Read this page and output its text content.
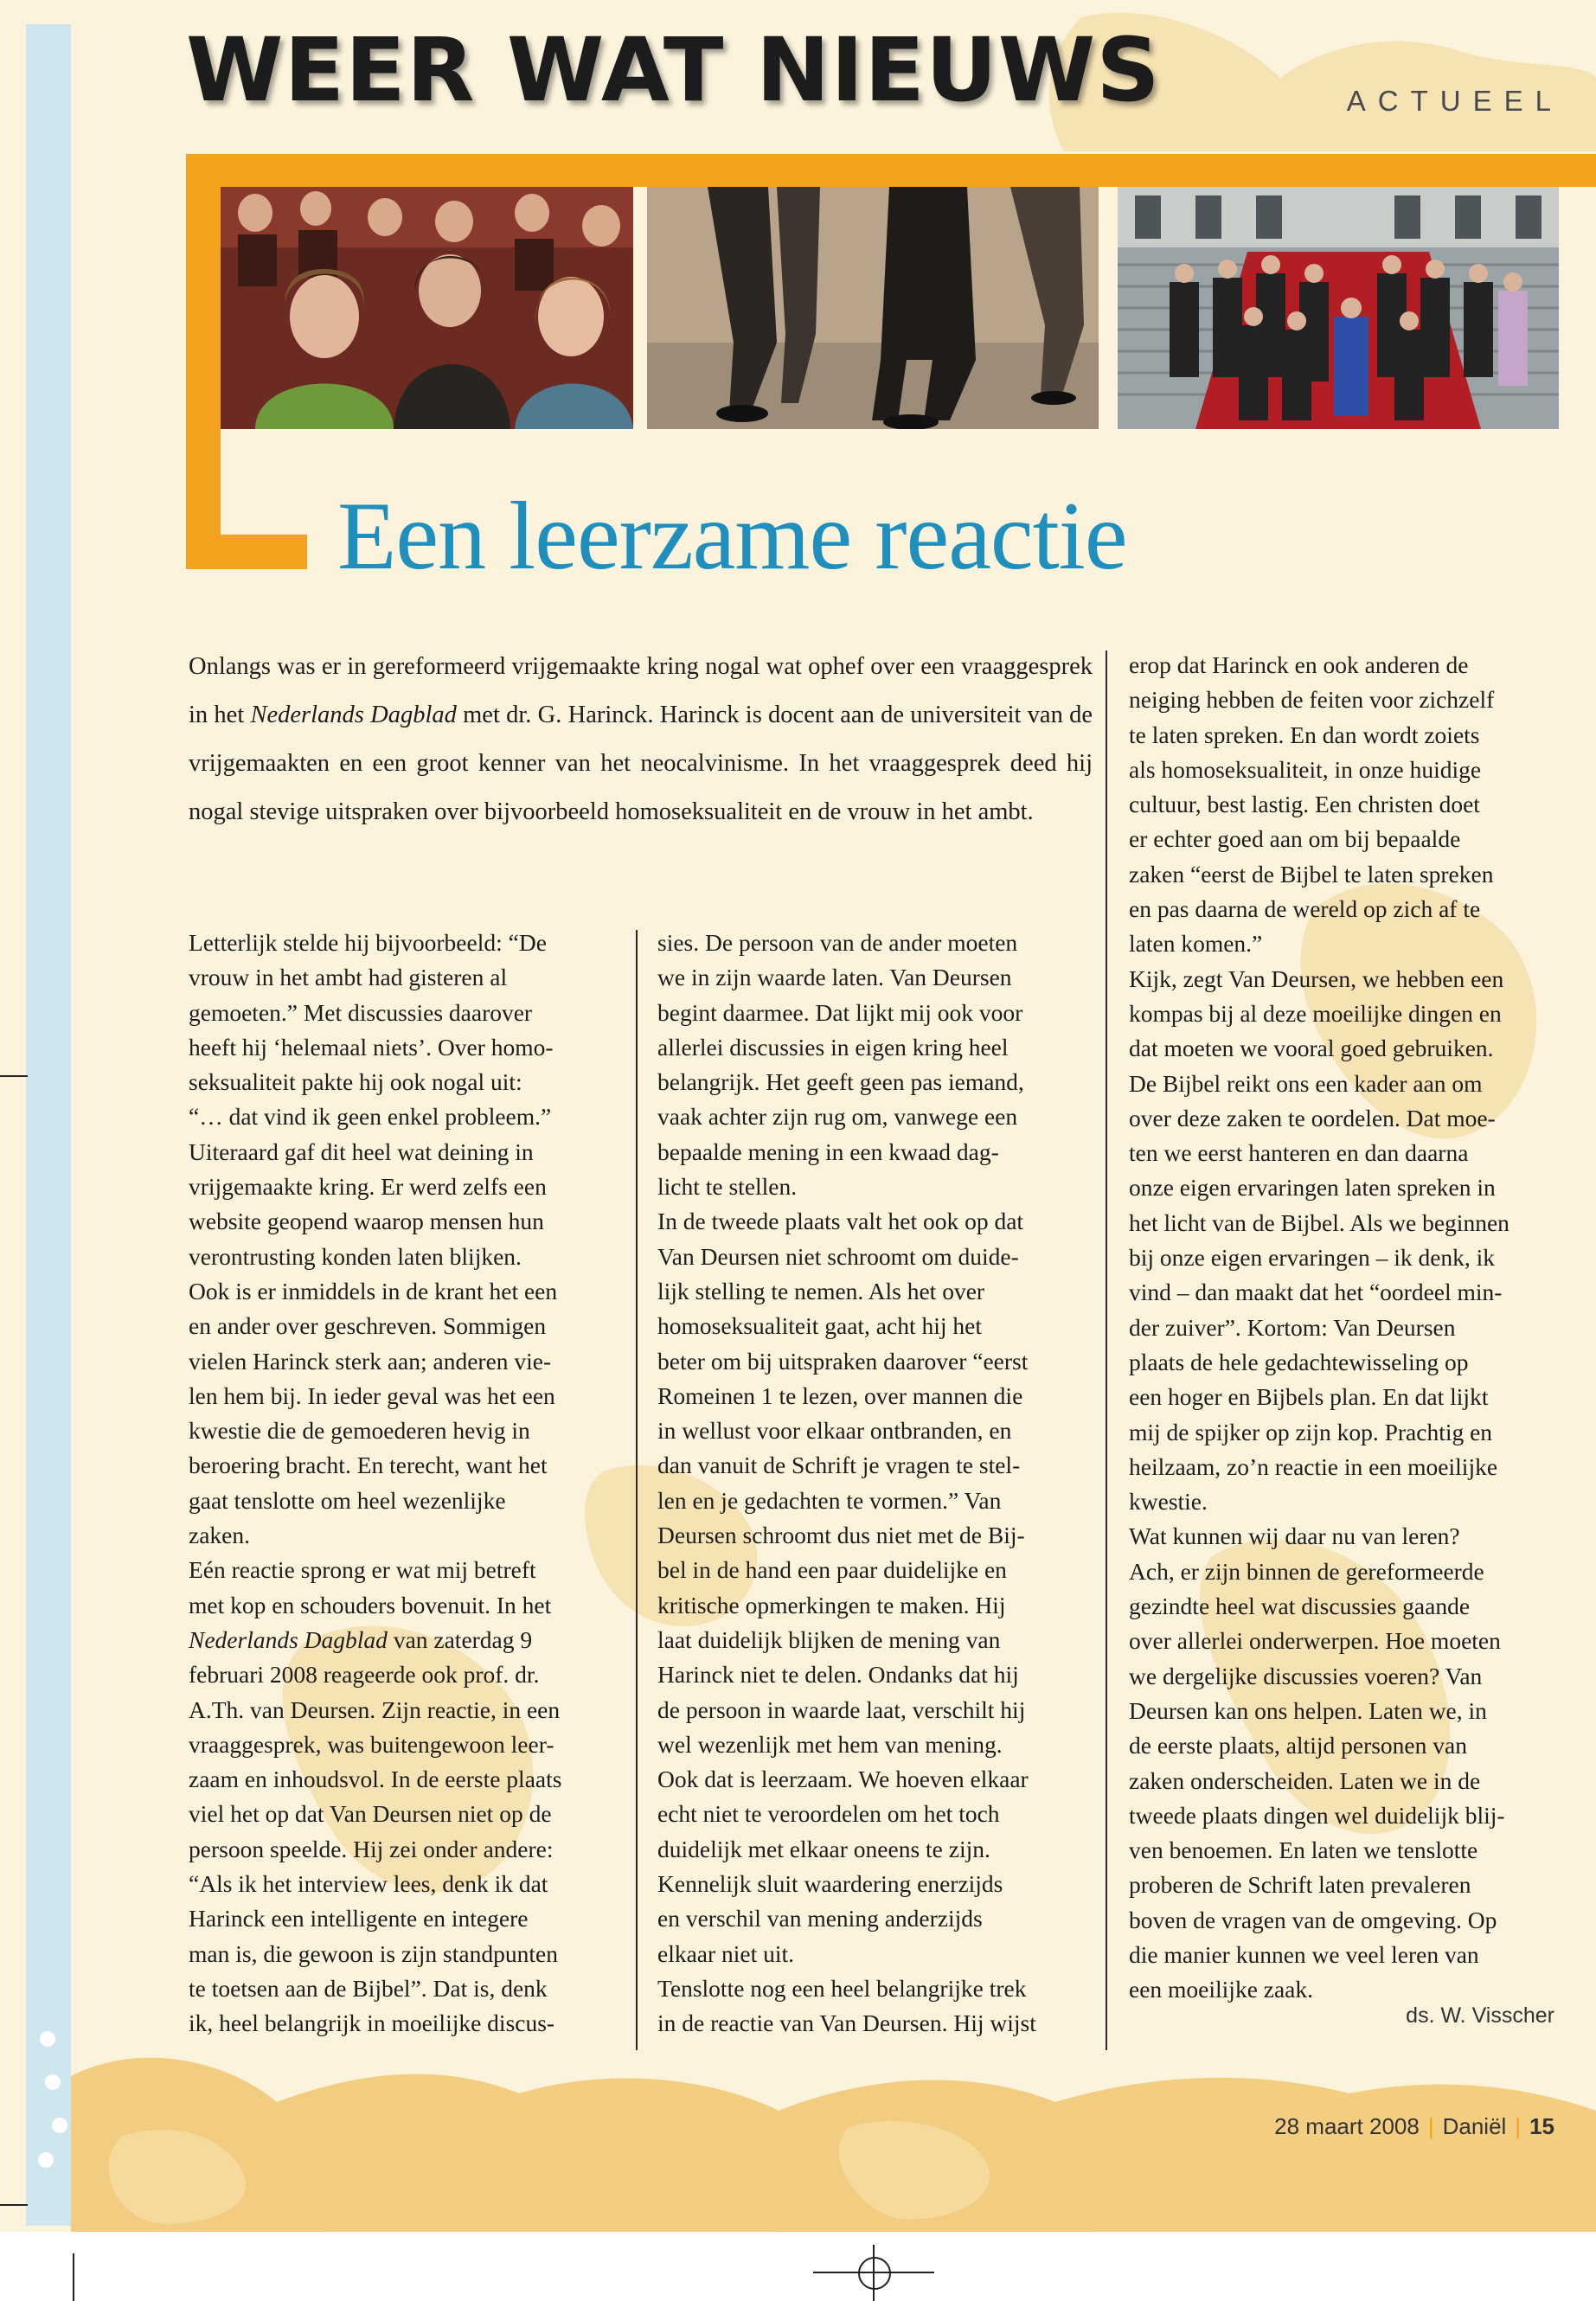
WEER WAT NIEUWS	ACTUEEL
Een leerzame reactie

Onlangs was er in gereformeerd vrijgemaakte kring nogal wat ophef over een vraaggesprek in het Nederlands Dagblad met dr. G. Harinck. Harinck is docent aan de universiteit van de vrijgemaakten en een groot kenner van het neocalvinisme. In het vraaggesprek deed hij nogal stevige uitspraken over bijvoorbeeld homoseksualiteit en de vrouw in het ambt.

Letterlijk stelde hij bijvoorbeeld: “De
vrouw in het ambt had gisteren al
gemoeten.” Met discussies daarover
heeft hij ‘helemaal niets’. Over homo-
seksualiteit pakte hij ook nogal uit:
“… dat vind ik geen enkel probleem.”
Uiteraard gaf dit heel wat deining in
vrijgemaakte kring. Er werd zelfs een
website geopend waarop mensen hun
verontrusting konden laten blijken.
Ook is er inmiddels in de krant het een
en ander over geschreven. Sommigen
vielen Harinck sterk aan; anderen vie-
len hem bij. In ieder geval was het een
kwestie die de gemoederen hevig in
beroering bracht. En terecht, want het
gaat tenslotte om heel wezenlijke
zaken.
Eén reactie sprong er wat mij betreft
met kop en schouders bovenuit. In het
Nederlands Dagblad van zaterdag 9
februari 2008 reageerde ook prof. dr.
A.Th. van Deursen. Zijn reactie, in een
vraaggesprek, was buitengewoon leer-
zaam en inhoudsvol. In de eerste plaats
viel het op dat Van Deursen niet op de
persoon speelde. Hij zei onder andere:
“Als ik het interview lees, denk ik dat
Harinck een intelligente en integere
man is, die gewoon is zijn standpunten
te toetsen aan de Bijbel”. Dat is, denk
ik, heel belangrijk in moeilijke discus-
sies. De persoon van de ander moeten
we in zijn waarde laten. Van Deursen
begint daarmee. Dat lijkt mij ook voor
allerlei discussies in eigen kring heel
belangrijk. Het geeft geen pas iemand,
vaak achter zijn rug om, vanwege een
bepaalde mening in een kwaad dag-
licht te stellen.
In de tweede plaats valt het ook op dat
Van Deursen niet schroomt om duide-
lijk stelling te nemen. Als het over
homoseksualiteit gaat, acht hij het
beter om bij uitspraken daarover “eerst
Romeinen 1 te lezen, over mannen die
in wellust voor elkaar ontbranden, en
dan vanuit de Schrift je vragen te stel-
len en je gedachten te vormen.” Van
Deursen schroomt dus niet met de Bij-
bel in de hand een paar duidelijke en
kritische opmerkingen te maken. Hij
laat duidelijk blijken de mening van
Harinck niet te delen. Ondanks dat hij
de persoon in waarde laat, verschilt hij
wel wezenlijk met hem van mening.
Ook dat is leerzaam. We hoeven elkaar
echt niet te veroordelen om het toch
duidelijk met elkaar oneens te zijn.
Kennelijk sluit waardering enerzijds
en verschil van mening anderzijds
elkaar niet uit.
Tenslotte nog een heel belangrijke trek
in de reactie van Van Deursen. Hij wijst
erop dat Harinck en ook anderen de
neiging hebben de feiten voor zichzelf
te laten spreken. En dan wordt zoiets
als homoseksualiteit, in onze huidige
cultuur, best lastig. Een christen doet
er echter goed aan om bij bepaalde
zaken “eerst de Bijbel te laten spreken
en pas daarna de wereld op zich af te
laten komen.”
Kijk, zegt Van Deursen, we hebben een
kompas bij al deze moeilijke dingen en
dat moeten we vooral goed gebruiken.
De Bijbel reikt ons een kader aan om
over deze zaken te oordelen. Dat moe-
ten we eerst hanteren en dan daarna
onze eigen ervaringen laten spreken in
het licht van de Bijbel. Als we beginnen
bij onze eigen ervaringen – ik denk, ik
vind – dan maakt dat het “oordeel min-
der zuiver”. Kortom: Van Deursen
plaats de hele gedachtewisseling op
een hoger en Bijbels plan. En dat lijkt
mij de spijker op zijn kop. Prachtig en
heilzaam, zo’n reactie in een moeilijke
kwestie.
Wat kunnen wij daar nu van leren?
Ach, er zijn binnen de gereformeerde
gezindte heel wat discussies gaande
over allerlei onderwerpen. Hoe moeten
we dergelijke discussies voeren? Van
Deursen kan ons helpen. Laten we, in
de eerste plaats, altijd personen van
zaken onderscheiden. Laten we in de
tweede plaats dingen wel duidelijk blij-
ven benoemen. En laten we tenslotte
proberen de Schrift laten prevaleren
boven de vragen van de omgeving. Op
die manier kunnen we veel leren van
een moeilijke zaak.
ds. W. Visscher
28 maart 2008 | Daniël | 15
